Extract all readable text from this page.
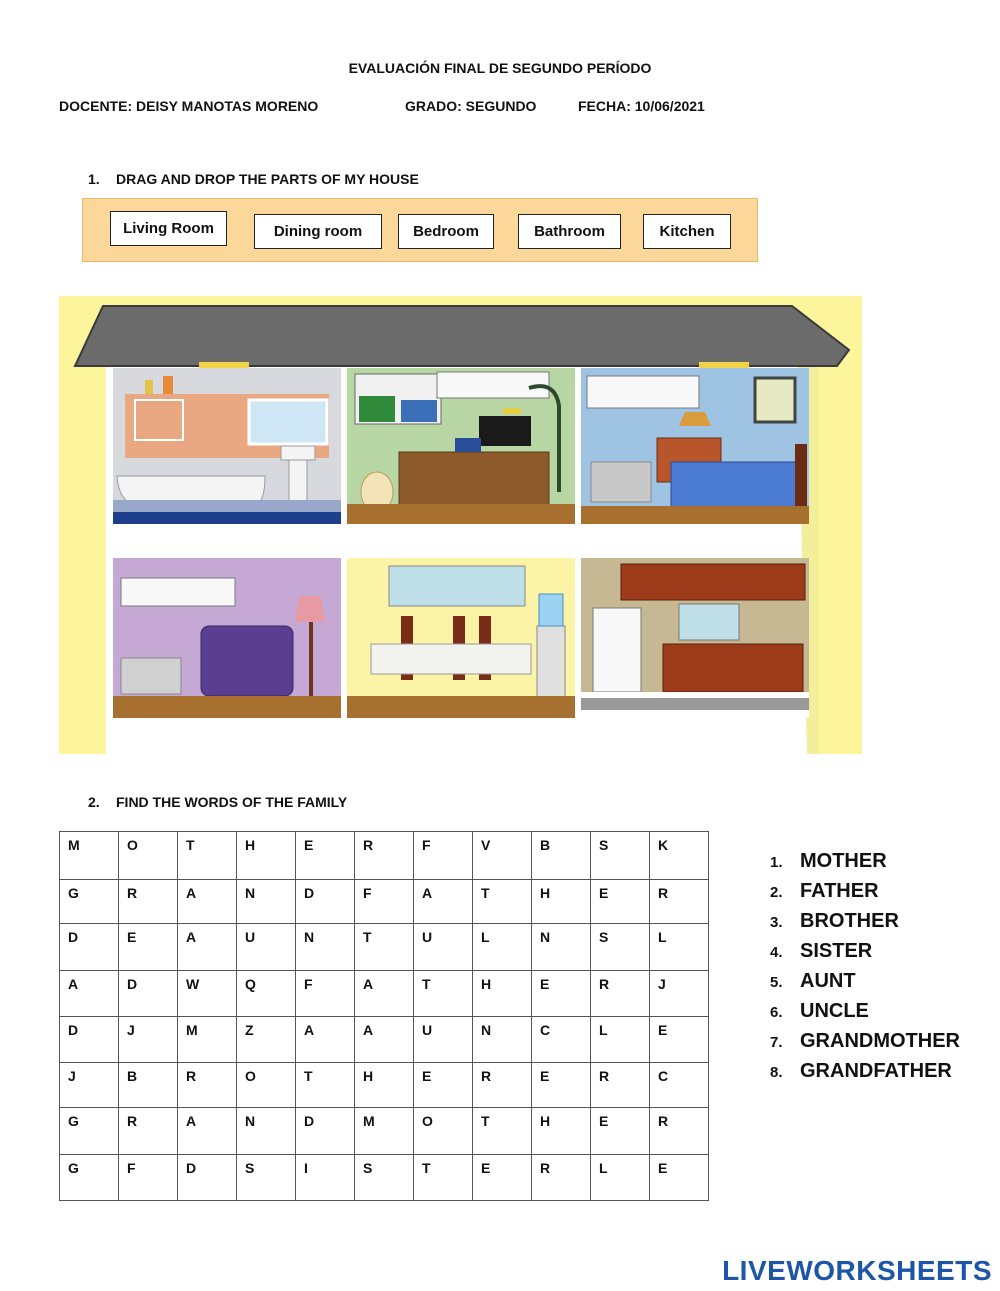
EVALUACIÓN FINAL DE SEGUNDO PERÍODO
DOCENTE: DEISY MANOTAS MORENO	GRADO: SEGUNDO	FECHA: 10/06/2021
1. DRAG AND DROP THE PARTS OF MY HOUSE
Living Room	Dining room	Bedroom	Bathroom	Kitchen
2. FIND THE WORDS OF THE FAMILY
M	O	T	H	E	R	F	V	B	S	K
G	R	A	N	D	F	A	T	H	E	R
D	E	A	U	N	T	U	L	N	S	L
A	D	W	Q	F	A	T	H	E	R	J
D	J	M	Z	A	A	U	N	C	L	E
J	B	R	O	T	H	E	R	E	R	C
G	R	A	N	D	M	O	T	H	E	R
G	F	D	S	I	S	T	E	R	L	E
1. MOTHER
2. FATHER
3. BROTHER
4. SISTER
5. AUNT
6. UNCLE
7. GRANDMOTHER
8. GRANDFATHER
LIVEWORKSHEETS
